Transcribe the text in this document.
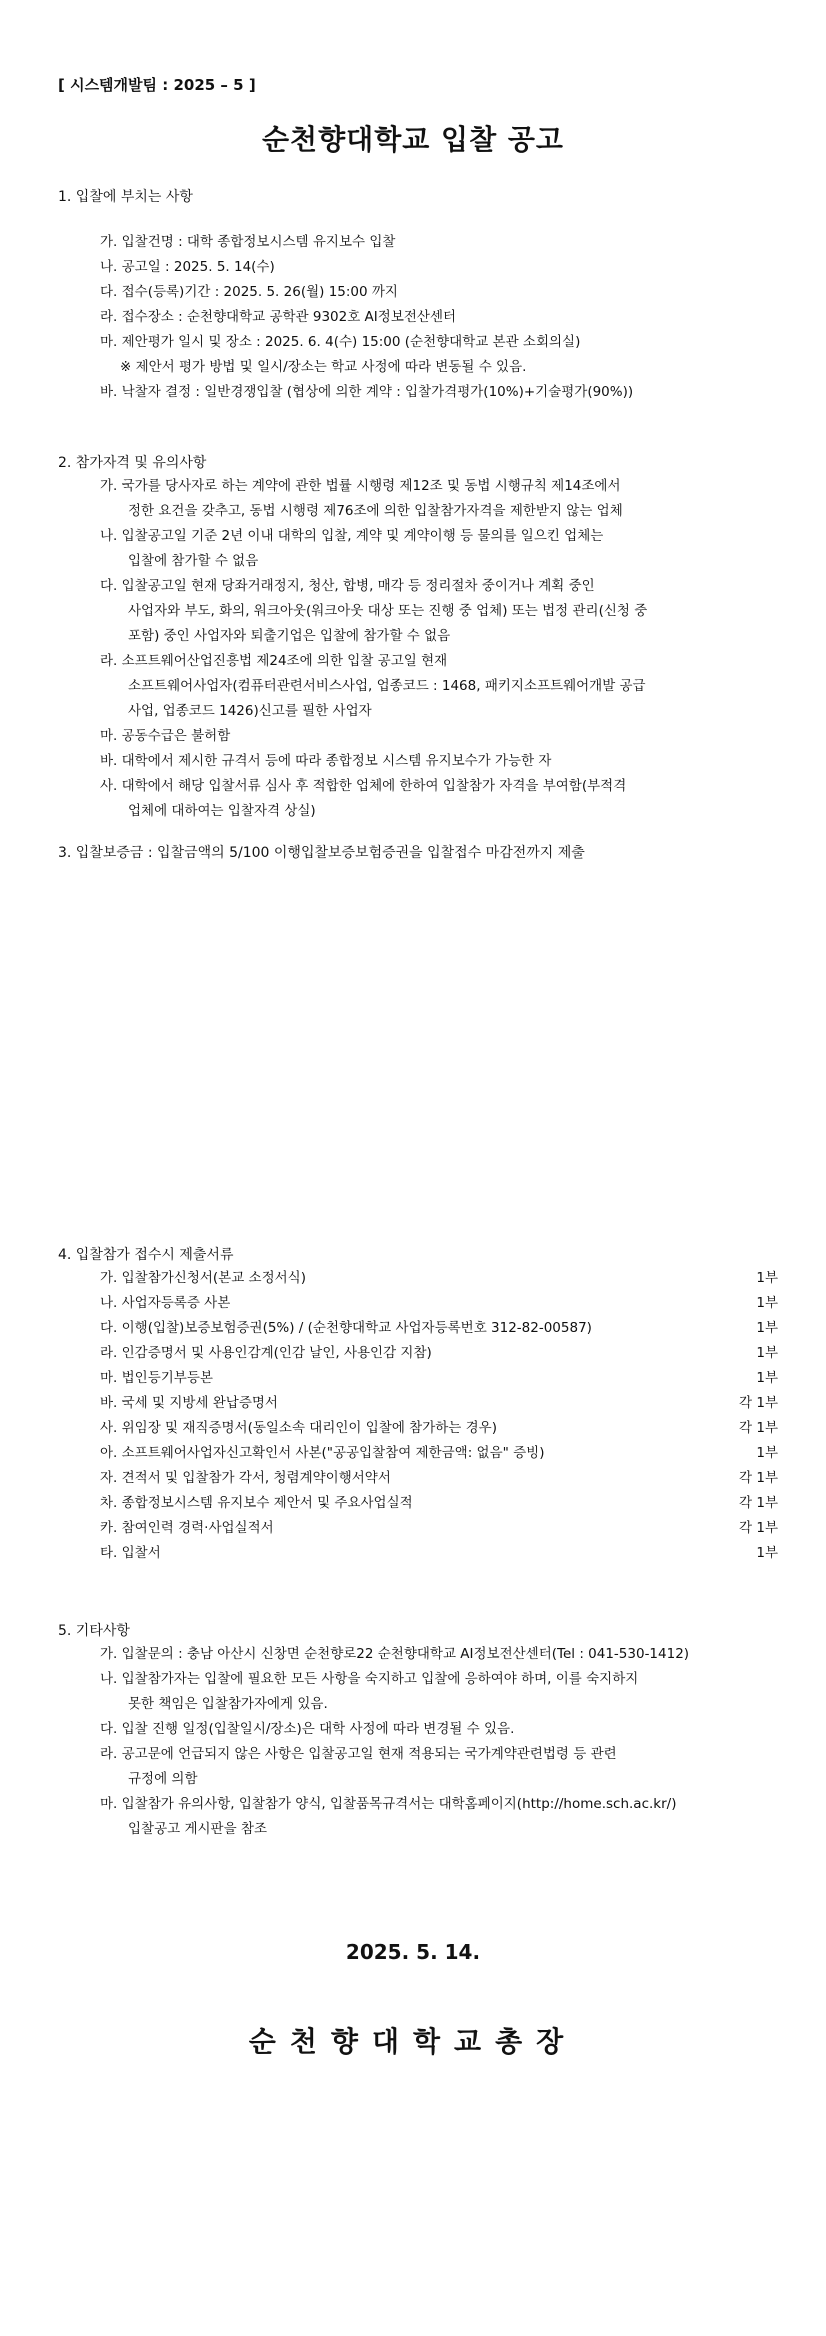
[ 시스템개발팀 : 2025 – 5 ]
순천향대학교 입찰 공고
1. 입찰에 부치는 사항
가. 입찰건명 : 대학 종합정보시스템 유지보수 입찰
나. 공고일 : 2025. 5. 14(수)
다. 접수(등록)기간 : 2025. 5. 26(월) 15:00 까지
라. 접수장소 : 순천향대학교 공학관 9302호 AI정보전산센터
마. 제안평가 일시 및 장소 : 2025. 6. 4(수) 15:00 (순천향대학교 본관 소회의실)
※ 제안서 평가 방법 및 일시/장소는 학교 사정에 따라 변동될 수 있음.
바. 낙찰자 결정 : 일반경쟁입찰 (협상에 의한 계약 : 입찰가격평가(10%)+기술평가(90%))
2. 참가자격 및 유의사항
가. 국가를 당사자로 하는 계약에 관한 법률 시행령 제12조 및 동법 시행규칙 제14조에서
정한 요건을 갖추고, 동법 시행령 제76조에 의한 입찰참가자격을 제한받지 않는 업체
나. 입찰공고일 기준 2년 이내 대학의 입찰, 계약 및 계약이행 등 물의를 일으킨 업체는
입찰에 참가할 수 없음
다. 입찰공고일 현재 당좌거래정지, 청산, 합병, 매각 등 정리절차 중이거나 계획 중인
사업자와 부도, 화의, 워크아웃(워크아웃 대상 또는 진행 중 업체) 또는 법정 관리(신청 중
포함) 중인 사업자와 퇴출기업은 입찰에 참가할 수 없음
라. 소프트웨어산업진흥법 제24조에 의한 입찰 공고일 현재
소프트웨어사업자(컴퓨터관련서비스사업, 업종코드 : 1468, 패키지소프트웨어개발 공급
사업, 업종코드 1426)신고를 필한 사업자
마. 공동수급은 불허함
바. 대학에서 제시한 규격서 등에 따라 종합정보 시스템 유지보수가 가능한 자
사. 대학에서 해당 입찰서류 심사 후 적합한 업체에 한하여 입찰참가 자격을 부여함(부적격
업체에 대하여는 입찰자격 상실)
3. 입찰보증금 : 입찰금액의 5/100 이행입찰보증보험증권을 입찰접수 마감전까지 제출
4. 입찰참가 접수시 제출서류
가. 입찰참가신청서(본교 소정서식)	1부
나. 사업자등록증 사본	1부
다. 이행(입찰)보증보험증권(5%) / (순천향대학교 사업자등록번호 312-82-00587)	1부
라. 인감증명서 및 사용인감계(인감 날인, 사용인감 지참)	1부
마. 법인등기부등본	1부
바. 국세 및 지방세 완납증명서	각 1부
사. 위임장 및 재직증명서(동일소속 대리인이 입찰에 참가하는 경우)	각 1부
아. 소프트웨어사업자신고확인서 사본("공공입찰참여 제한금액: 없음" 증빙)	1부
자. 견적서 및 입찰참가 각서, 청렴계약이행서약서	각 1부
차. 종합정보시스템 유지보수 제안서 및 주요사업실적	각 1부
카. 참여인력 경력·사업실적서	각 1부
타. 입찰서	1부
5. 기타사항
가. 입찰문의 : 충남 아산시 신창면 순천향로22 순천향대학교 AI정보전산센터(Tel : 041-530-1412)
나. 입찰참가자는 입찰에 필요한 모든 사항을 숙지하고 입찰에 응하여야 하며, 이를 숙지하지
못한 책임은 입찰참가자에게 있음.
다. 입찰 진행 일정(입찰일시/장소)은 대학 사정에 따라 변경될 수 있음.
라. 공고문에 언급되지 않은 사항은 입찰공고일 현재 적용되는 국가계약관련법령 등 관련
규정에 의함
마. 입찰참가 유의사항, 입찰참가 양식, 입찰품목규격서는 대학홈페이지(http://home.sch.ac.kr/)
입찰공고 게시판을 참조
2025. 5. 14.
순천향대학교총장
